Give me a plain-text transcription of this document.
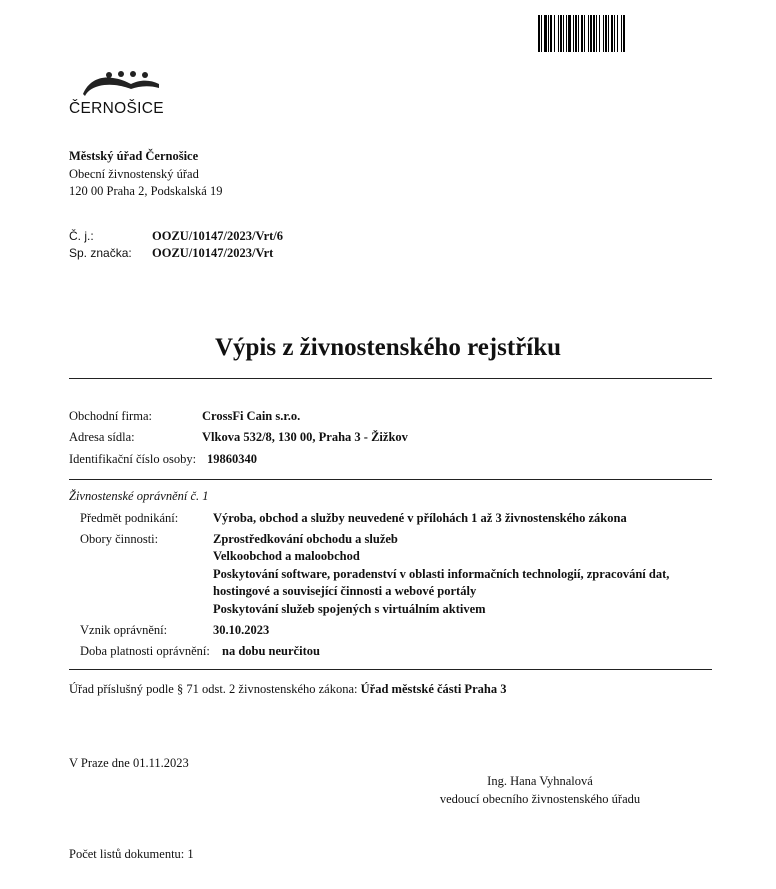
ČERNOŠICE
Městský úřad Černošice
Obecní živnostenský úřad
120 00 Praha 2, Podskalská 19
Č. j.:	OOZU/10147/2023/Vrt/6
Sp. značka: OOZU/10147/2023/Vrt
Výpis z živnostenského rejstříku
Obchodní firma:	CrossFi Cain s.r.o.
Adresa sídla:	Vlkova 532/8, 130 00, Praha 3 - Žižkov
Identifikační číslo osoby: 19860340
Živnostenské oprávnění č. 1
Předmět podnikání:	Výroba, obchod a služby neuvedené v přílohách 1 až 3 živnostenského zákona
Obory činnosti:	Zprostředkování obchodu a služeb
Velkoobchod a maloobchod
Poskytování software, poradenství v oblasti informačních technologií, zpracování dat,
hostingové a související činnosti a webové portály
Poskytování služeb spojených s virtuálním aktivem
Vznik oprávnění:	30.10.2023
Doba platnosti oprávnění: na dobu neurčitou
Úřad příslušný podle § 71 odst. 2 živnostenského zákona: Úřad městské části Praha 3
V Praze dne 01.11.2023
Ing. Hana Vyhnalová
vedoucí obecního živnostenského úřadu
Počet listů dokumentu: 1
